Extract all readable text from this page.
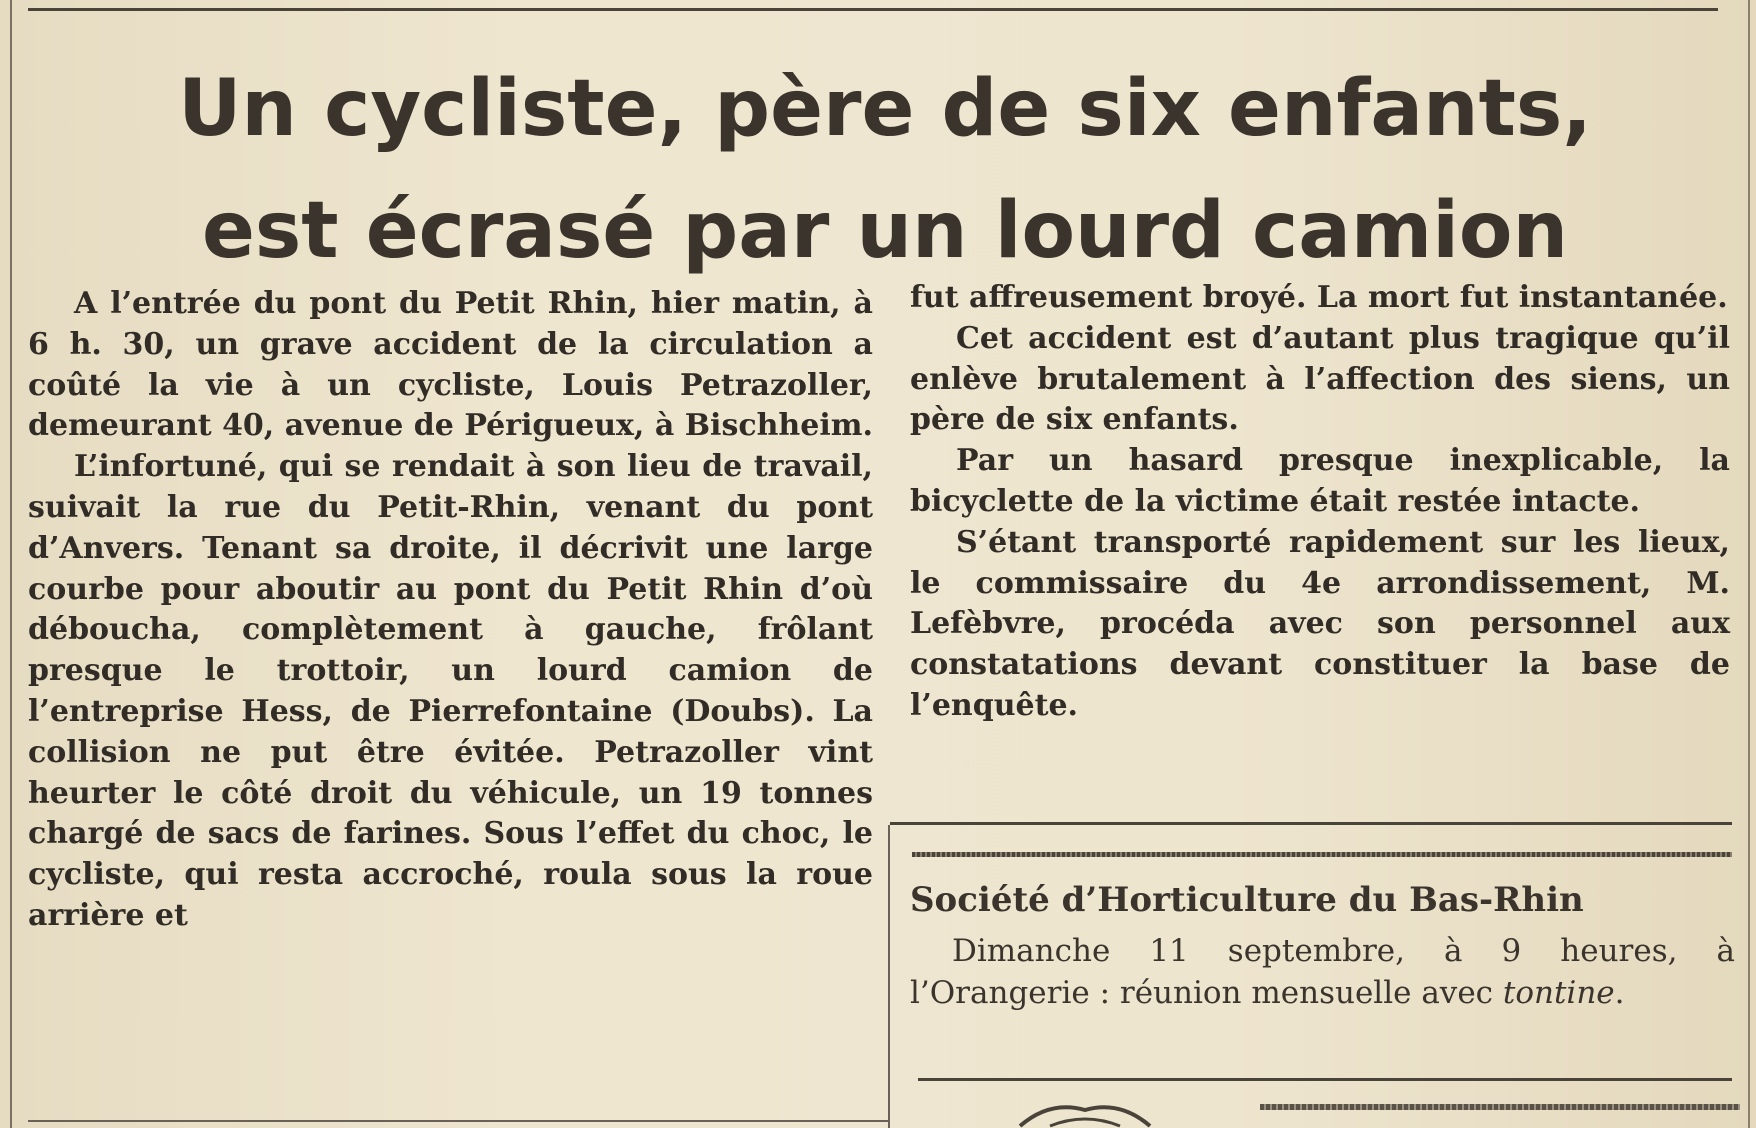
Un cycliste, père de six enfants,
est écrasé par un lourd camion

A l’entrée du pont du Petit Rhin, hier matin, à 6 h. 30, un grave accident de la circulation a coûté la vie à un cycliste, Louis Petrazoller, demeurant 40, avenue de Périgueux, à Bischheim.

L’infortuné, qui se rendait à son lieu de travail, suivait la rue du Petit-Rhin, venant du pont d’Anvers. Tenant sa droite, il décrivit une large courbe pour aboutir au pont du Petit Rhin d’où déboucha, complètement à gauche, frôlant presque le trottoir, un lourd camion de l’entreprise Hess, de Pierrefontaine (Doubs). La collision ne put être évitée. Petrazoller vint heurter le côté droit du véhicule, un 19 tonnes chargé de sacs de farines. Sous l’effet du choc, le cycliste, qui resta accroché, roula sous la roue arrière et

fut affreusement broyé. La mort fut instantanée.

Cet accident est d’autant plus tragique qu’il enlève brutalement à l’affection des siens, un père de six enfants.

Par un hasard presque inexplicable, la bicyclette de la victime était restée intacte.

S’étant transporté rapidement sur les lieux, le commissaire du 4e arrondissement, M. Lefèbvre, procéda avec son personnel aux constatations devant constituer la base de l’enquête.

Société d’Horticulture du Bas-Rhin

Dimanche 11 septembre, à 9 heures, à l’Orangerie : réunion mensuelle avec tontine.
